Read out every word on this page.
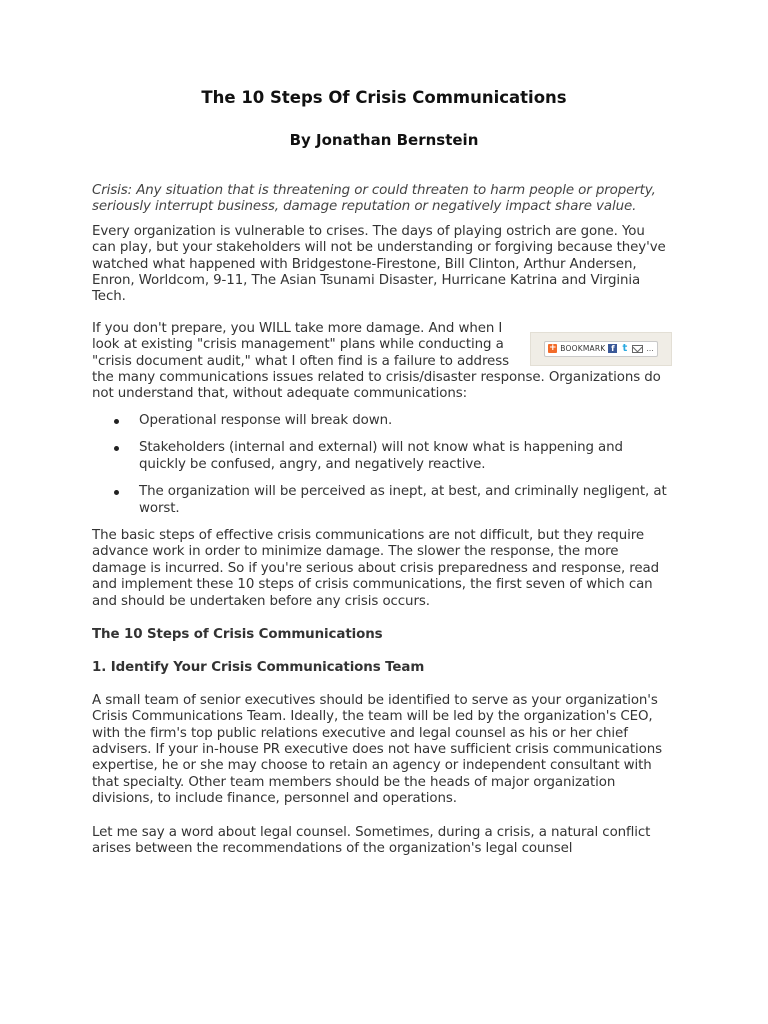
The 10 Steps Of Crisis Communications
By Jonathan Bernstein

Crisis: Any situation that is threatening or could threaten to harm people or property, seriously interrupt business, damage reputation or negatively impact share value.

Every organization is vulnerable to crises. The days of playing ostrich are gone. You can play, but your stakeholders will not be understanding or forgiving because they've watched what happened with Bridgestone-Firestone, Bill Clinton, Arthur Andersen, Enron, Worldcom, 9-11, The Asian Tsunami Disaster, Hurricane Katrina and Virginia Tech.

+ BOOKMARK f t ...
If you don't prepare, you WILL take more damage. And when I look at existing "crisis management" plans while conducting a "crisis document audit," what I often find is a failure to address the many communications issues related to crisis/disaster response. Organizations do not understand that, without adequate communications:

Operational response will break down.
Stakeholders (internal and external) will not know what is happening and quickly be confused, angry, and negatively reactive.
The organization will be perceived as inept, at best, and criminally negligent, at worst.

The basic steps of effective crisis communications are not difficult, but they require advance work in order to minimize damage. The slower the response, the more damage is incurred. So if you're serious about crisis preparedness and response, read and implement these 10 steps of crisis communications, the first seven of which can and should be undertaken before any crisis occurs.

The 10 Steps of Crisis Communications

1. Identify Your Crisis Communications Team

A small team of senior executives should be identified to serve as your organization's Crisis Communications Team. Ideally, the team will be led by the organization's CEO, with the firm's top public relations executive and legal counsel as his or her chief advisers. If your in-house PR executive does not have sufficient crisis communications expertise, he or she may choose to retain an agency or independent consultant with that specialty. Other team members should be the heads of major organization divisions, to include finance, personnel and operations.

Let me say a word about legal counsel. Sometimes, during a crisis, a natural conflict arises between the recommendations of the organization's legal counsel
